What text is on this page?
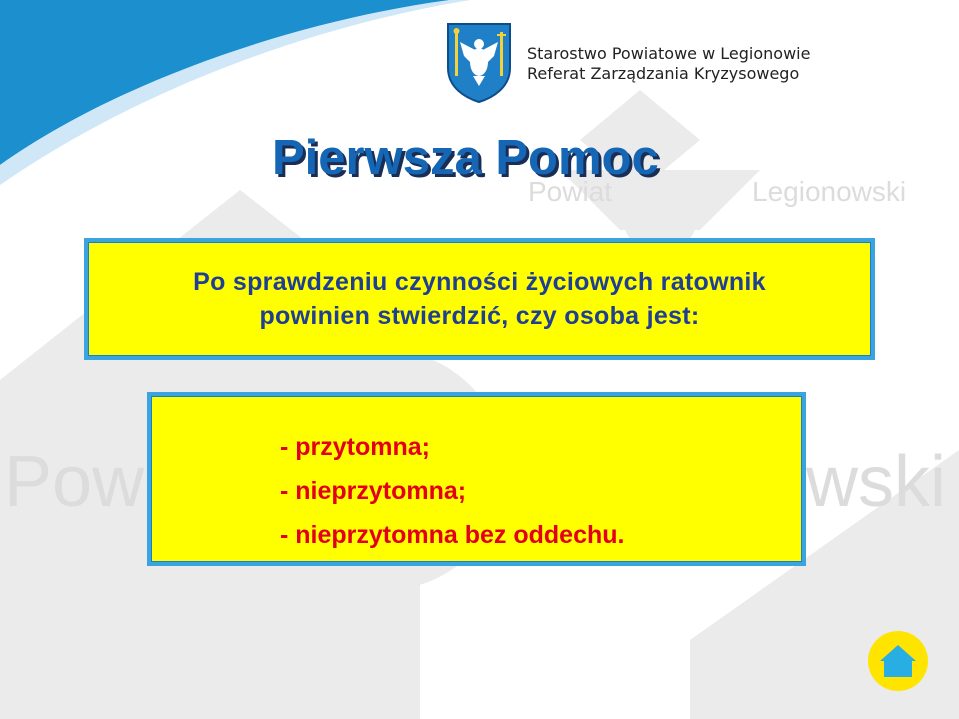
Powiat	Legionowski
Pow	wski
Starostwo Powiatowe w Legionowie
Referat Zarządzania Kryzysowego
Pierwsza Pomoc

Po sprawdzeniu czynności życiowych ratownik
powinien stwierdzić, czy osoba jest:

- przytomna;
- nieprzytomna;
- nieprzytomna bez oddechu.
